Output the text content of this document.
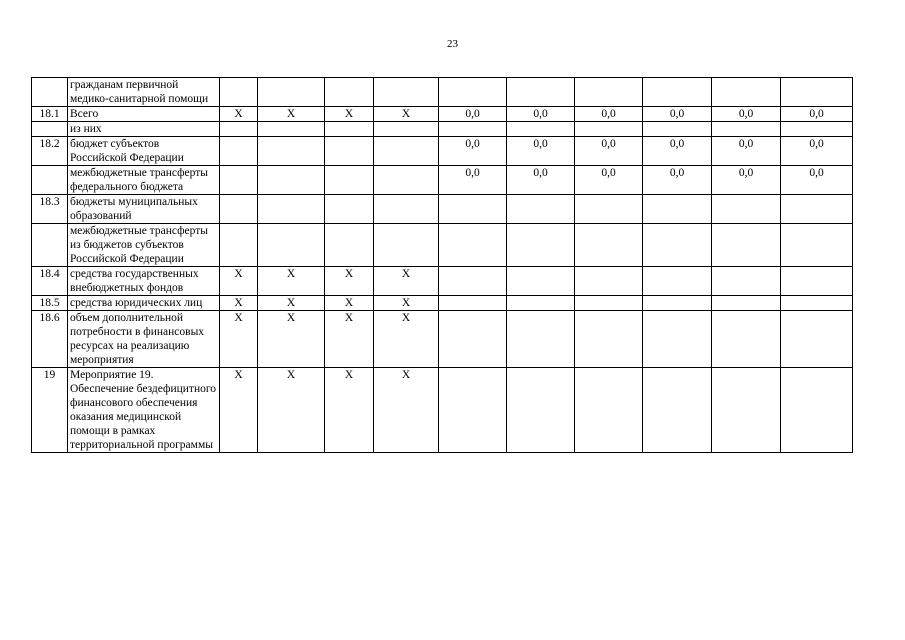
23
	гражданам первичной медико-санитарной помощи										
18.1	Всего	Х	Х	Х	Х	0,0	0,0	0,0	0,0	0,0	0,0
	из них										
18.2	бюджет субъектов Российской Федерации					0,0	0,0	0,0	0,0	0,0	0,0
	межбюджетные трансферты федерального бюджета					0,0	0,0	0,0	0,0	0,0	0,0
18.3	бюджеты муниципальных образований										
	межбюджетные трансферты из бюджетов субъектов Российской Федерации										
18.4	средства государственных внебюджетных фондов	Х	Х	Х	Х						
18.5	средства юридических лиц	Х	Х	Х	Х						
18.6	объем дополнительной потребности в финансовых ресурсах на реализацию мероприятия	Х	Х	Х	Х						
19	Мероприятие 19. Обеспечение бездефицитного финансового обеспечения оказания медицинской помощи в рамках территориальной программы	Х	Х	Х	Х						
